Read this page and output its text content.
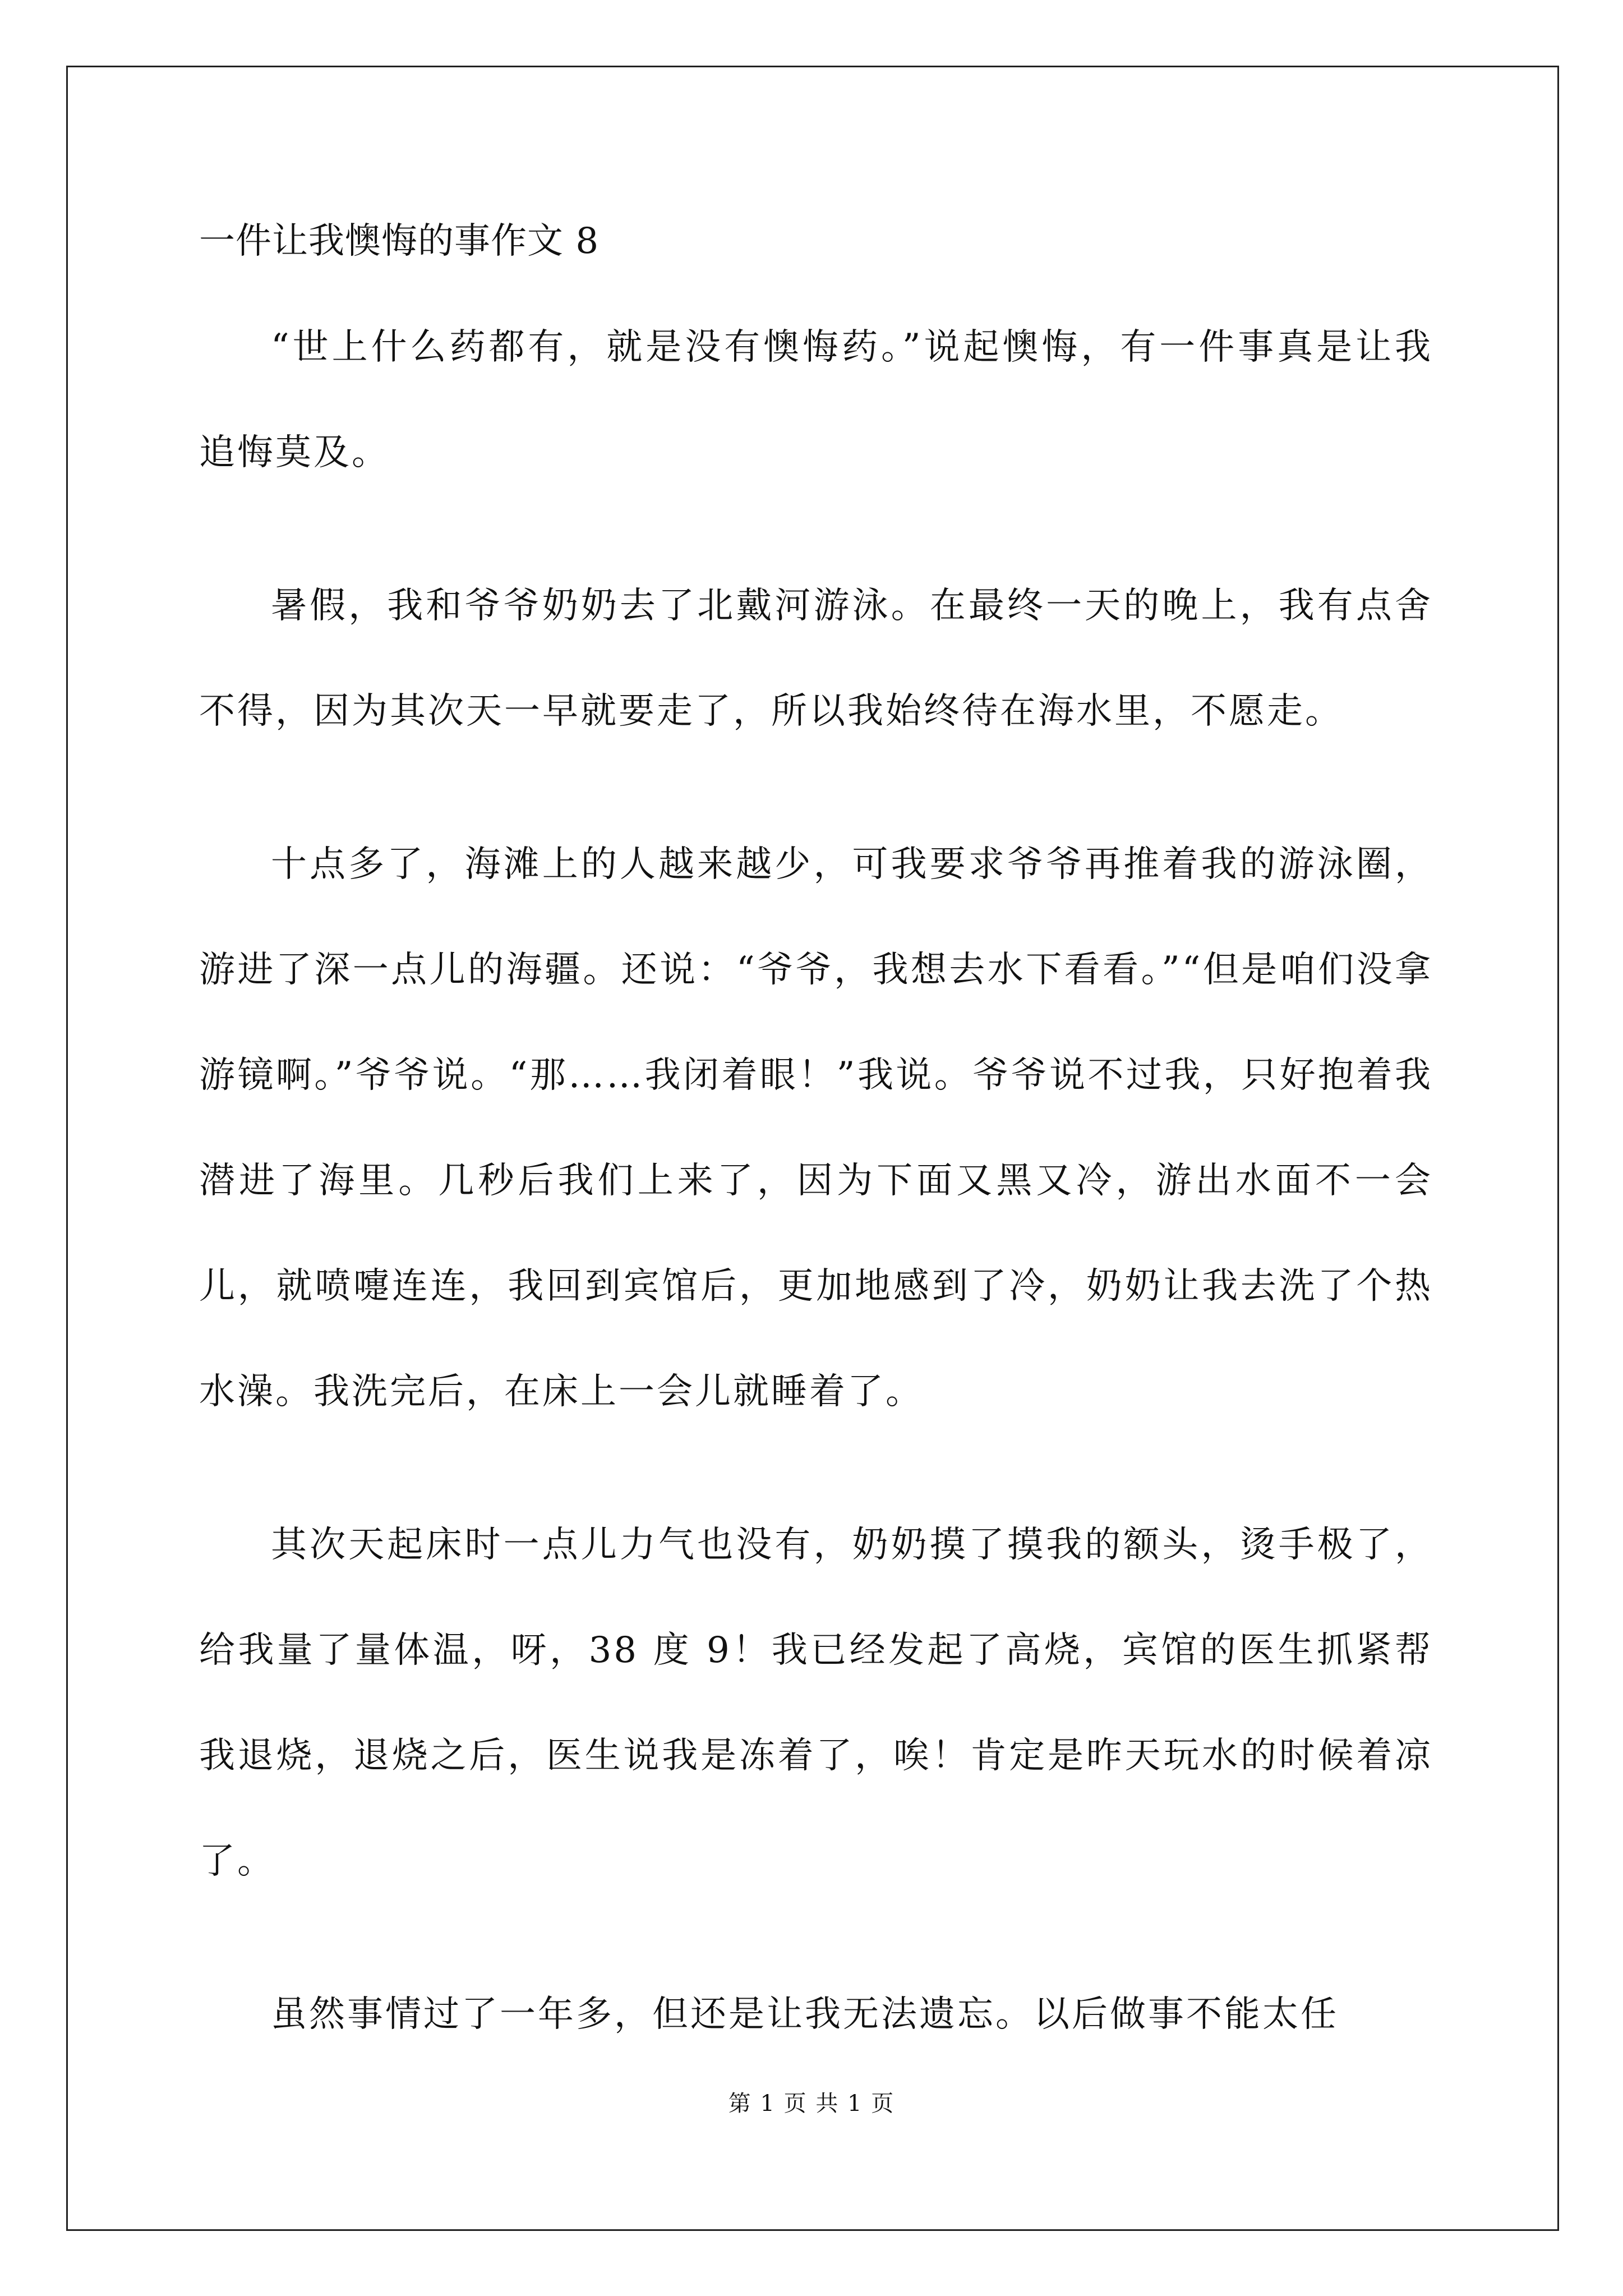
一件让我懊悔的事作文 8

“世上什么药都有，就是没有懊悔药。”说起懊悔，有一件事真是让我追悔莫及。

暑假，我和爷爷奶奶去了北戴河游泳。在最终一天的晚上，我有点舍不得，因为其次天一早就要走了，所以我始终待在海水里，不愿走。

十点多了，海滩上的人越来越少，可我要求爷爷再推着我的游泳圈，游进了深一点儿的海疆。还说：“爷爷，我想去水下看看。”“但是咱们没拿游镜啊。”爷爷说。“那……我闭着眼！”我说。爷爷说不过我，只好抱着我潜进了海里。几秒后我们上来了，因为下面又黑又冷，游出水面不一会儿，就喷嚏连连，我回到宾馆后，更加地感到了冷，奶奶让我去洗了个热水澡。我洗完后，在床上一会儿就睡着了。

其次天起床时一点儿力气也没有，奶奶摸了摸我的额头，烫手极了，给我量了量体温，呀，38 度 9！我已经发起了高烧，宾馆的医生抓紧帮我退烧，退烧之后，医生说我是冻着了，唉！肯定是昨天玩水的时候着凉了。

虽然事情过了一年多，但还是让我无法遗忘。以后做事不能太任

第 1 页 共 1 页
